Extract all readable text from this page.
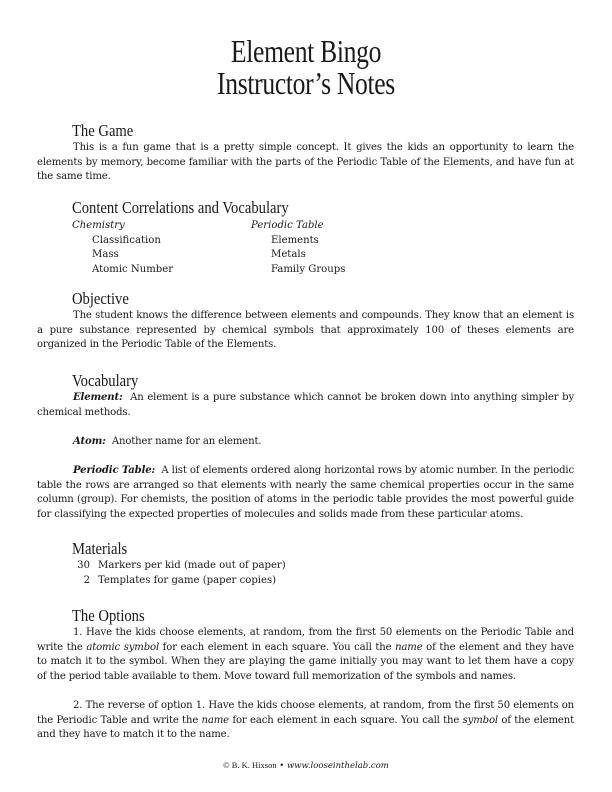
Element Bingo
Instructor’s Notes
The Game

This is a fun game that is a pretty simple concept. It gives the kids an opportunity to learn the elements by memory, become familiar with the parts of the Periodic Table of the Elements, and have fun at the same time.

Content Correlations and Vocabulary
Chemistry
Classification
Mass
Atomic Number
Periodic Table
Elements
Metals
Family Groups
Objective

The student knows the difference between elements and compounds. They know that an element is a pure substance represented by chemical symbols that approximately 100 of theses elements are organized in the Periodic Table of the Elements.

Vocabulary

Element: An element is a pure substance which cannot be broken down into anything simpler by chemical methods.

Atom: Another name for an element.

Periodic Table: A list of elements ordered along horizontal rows by atomic number. In the periodic table the rows are arranged so that elements with nearly the same chemical properties occur in the same column (group). For chemists, the position of atoms in the periodic table provides the most powerful guide for classifying the expected properties of molecules and solids made from these particular atoms.

Materials
30 Markers per kid (made out of paper)
2 Templates for game (paper copies)
The Options

1. Have the kids choose elements, at random, from the first 50 elements on the Periodic Table and write the atomic symbol for each element in each square. You call the name of the element and they have to match it to the symbol. When they are playing the game initially you may want to let them have a copy of the period table available to them. Move toward full memorization of the symbols and names.

2. The reverse of option 1. Have the kids choose elements, at random, from the first 50 elements on the Periodic Table and write the name for each element in each square. You call the symbol of the element and they have to match it to the name.

© B. K. Hixson • www.looseinthelab.com
